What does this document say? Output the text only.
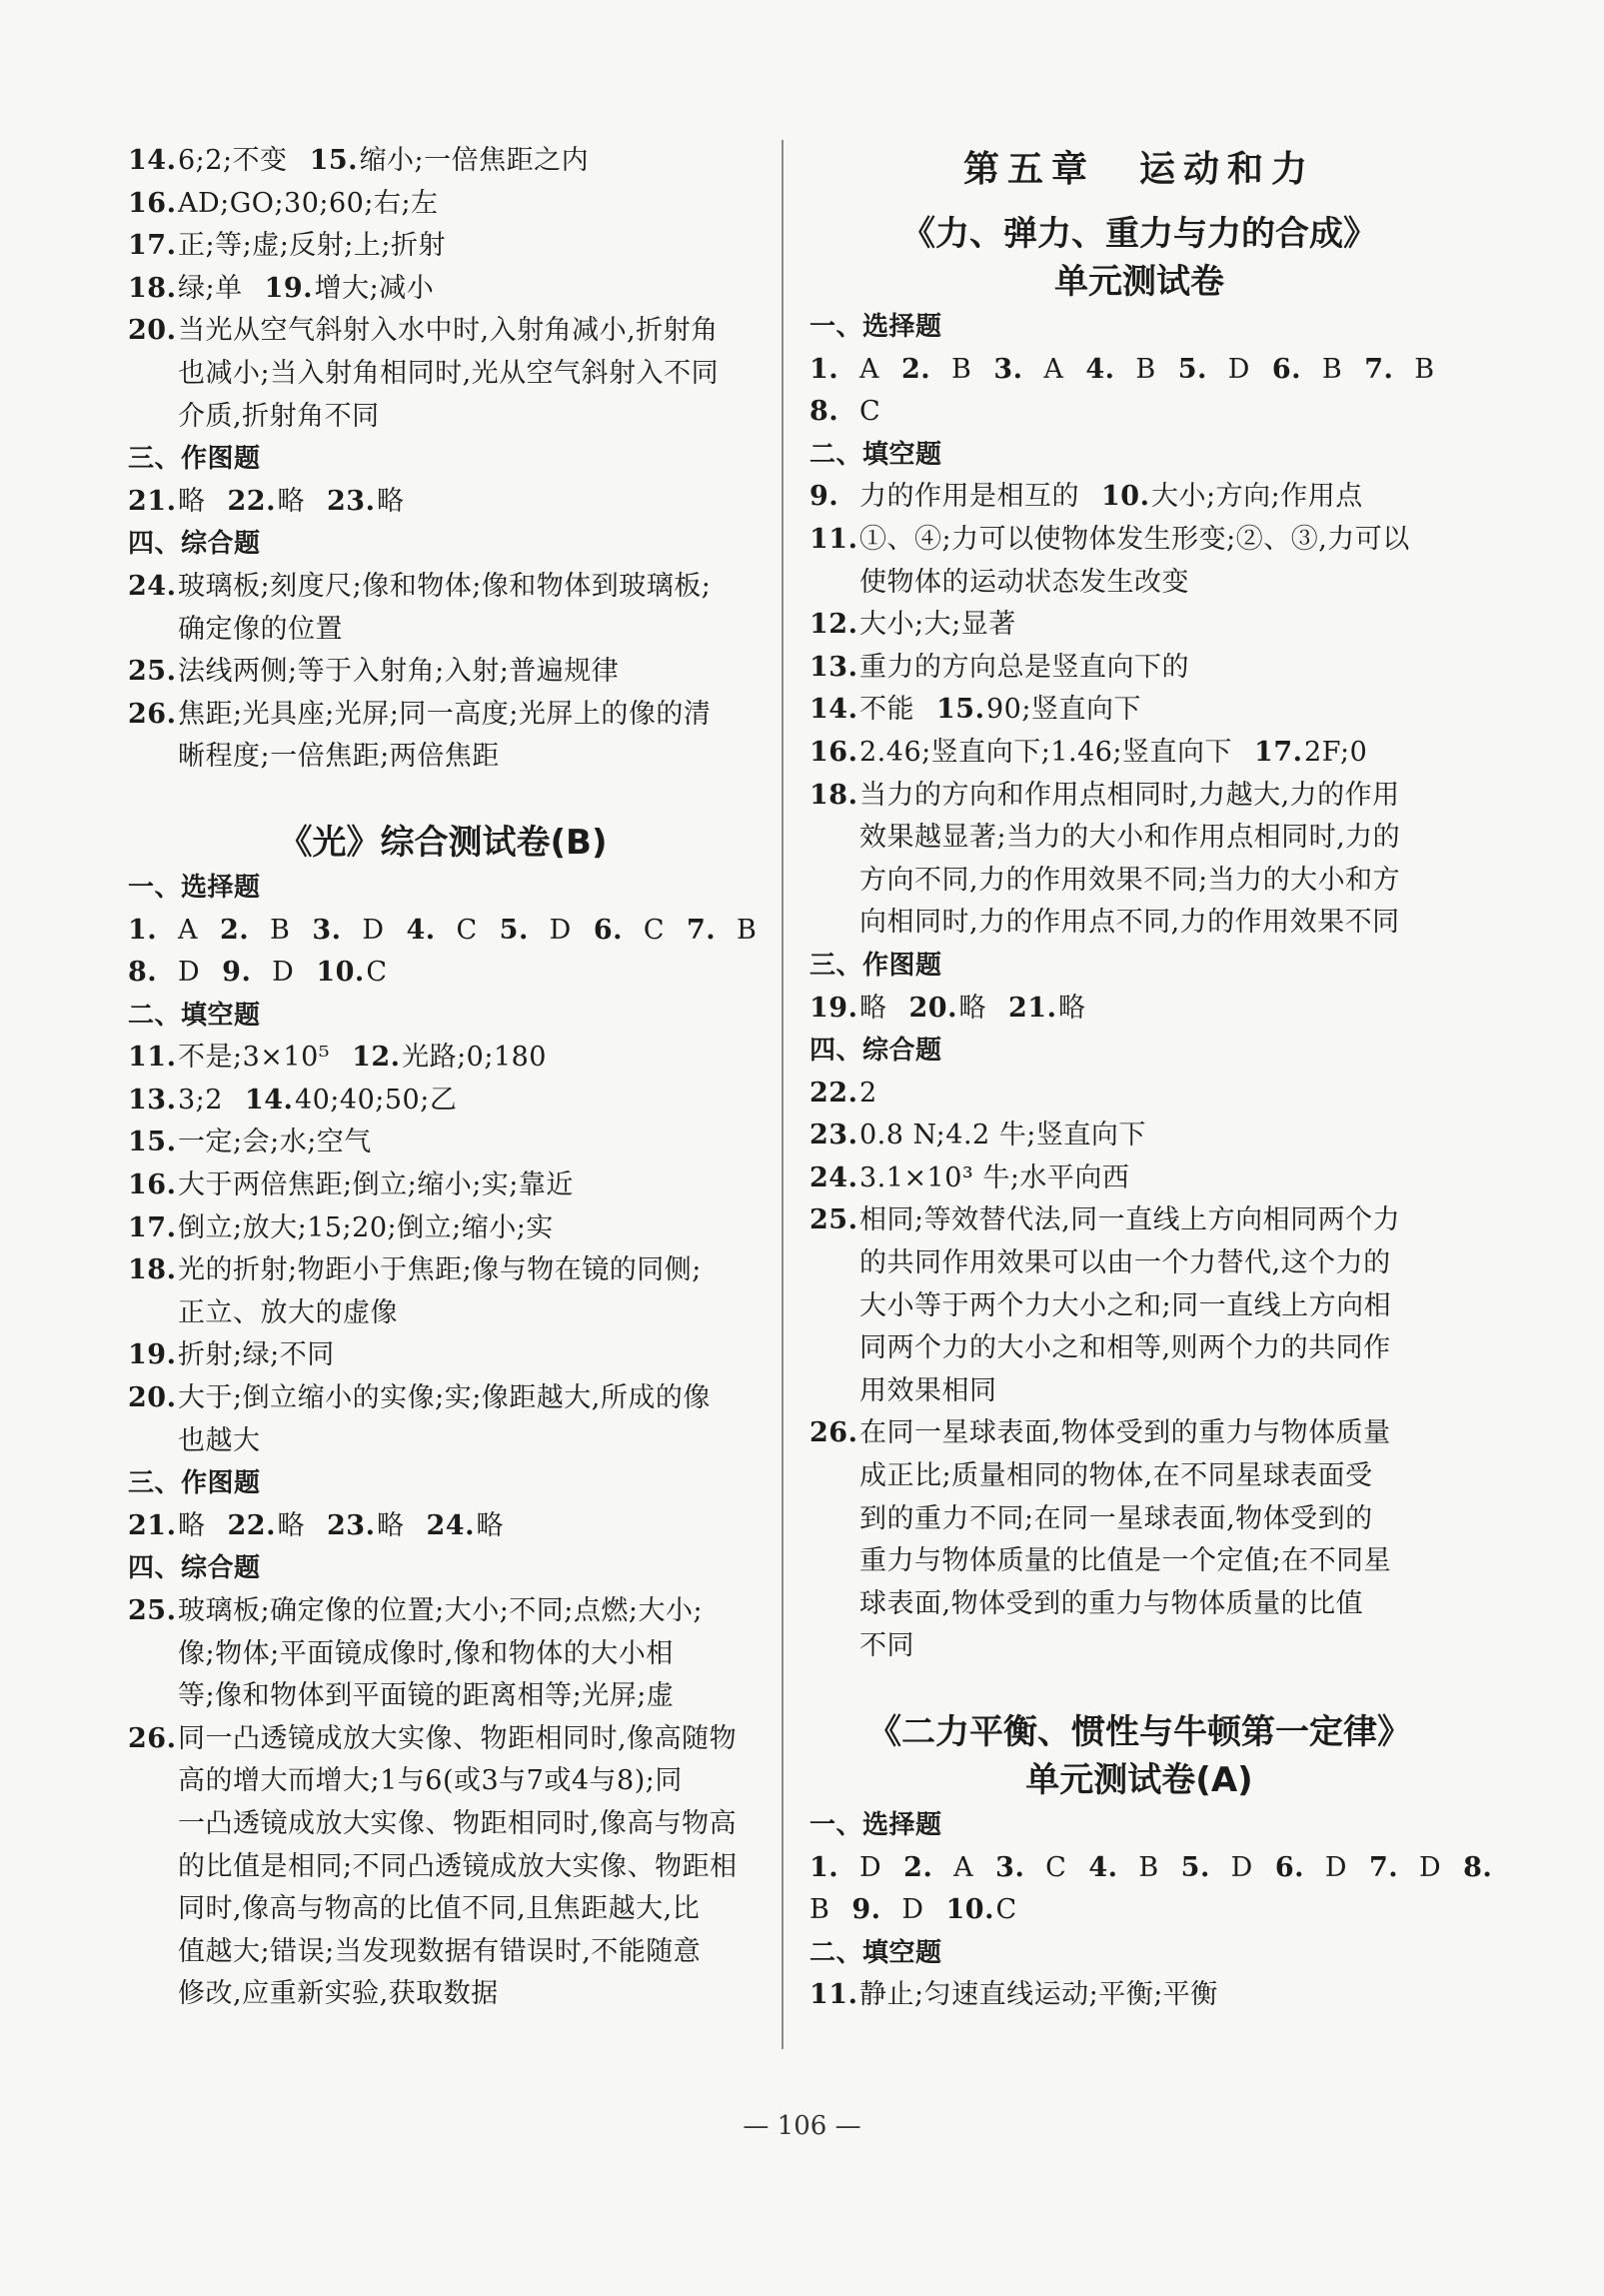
14.6;2;不变 15.缩小;一倍焦距之内
16.AD;GO;30;60;右;左
17.正;等;虚;反射;上;折射
18.绿;单 19.增大;减小
20.当光从空气斜射入水中时,入射角减小,折射角
也减小;当入射角相同时,光从空气斜射入不同
介质,折射角不同
三、作图题
21.略 22.略 23.略
四、综合题
24.玻璃板;刻度尺;像和物体;像和物体到玻璃板;
确定像的位置
25.法线两侧;等于入射角;入射;普遍规律
26.焦距;光具座;光屏;同一高度;光屏上的像的清
晰程度;一倍焦距;两倍焦距
《光》综合测试卷(B)
一、选择题
1. A 2. B 3. D 4. C 5. D 6. C 7. B
8. D 9. D 10.C
二、填空题
11.不是;3×10⁵ 12.光路;0;180
13.3;2 14.40;40;50;乙
15.一定;会;水;空气
16.大于两倍焦距;倒立;缩小;实;靠近
17.倒立;放大;15;20;倒立;缩小;实
18.光的折射;物距小于焦距;像与物在镜的同侧;
正立、放大的虚像
19.折射;绿;不同
20.大于;倒立缩小的实像;实;像距越大,所成的像
也越大
三、作图题
21.略 22.略 23.略 24.略
四、综合题
25.玻璃板;确定像的位置;大小;不同;点燃;大小;
像;物体;平面镜成像时,像和物体的大小相
等;像和物体到平面镜的距离相等;光屏;虚
26.同一凸透镜成放大实像、物距相同时,像高随物
高的增大而增大;1与6(或3与7或4与8);同
一凸透镜成放大实像、物距相同时,像高与物高
的比值是相同;不同凸透镜成放大实像、物距相
同时,像高与物高的比值不同,且焦距越大,比
值越大;错误;当发现数据有错误时,不能随意
修改,应重新实验,获取数据
第五章　运动和力
《力、弹力、重力与力的合成》
单元测试卷
一、选择题
1. A 2. B 3. A 4. B 5. D 6. B 7. B
8. C
二、填空题
9. 力的作用是相互的 10.大小;方向;作用点
11.①、④;力可以使物体发生形变;②、③,力可以
使物体的运动状态发生改变
12.大小;大;显著
13.重力的方向总是竖直向下的
14.不能 15.90;竖直向下
16.2.46;竖直向下;1.46;竖直向下 17.2F;0
18.当力的方向和作用点相同时,力越大,力的作用
效果越显著;当力的大小和作用点相同时,力的
方向不同,力的作用效果不同;当力的大小和方
向相同时,力的作用点不同,力的作用效果不同
三、作图题
19.略 20.略 21.略
四、综合题
22.2
23.0.8 N;4.2 牛;竖直向下
24.3.1×10³ 牛;水平向西
25.相同;等效替代法,同一直线上方向相同两个力
的共同作用效果可以由一个力替代,这个力的
大小等于两个力大小之和;同一直线上方向相
同两个力的大小之和相等,则两个力的共同作
用效果相同
26.在同一星球表面,物体受到的重力与物体质量
成正比;质量相同的物体,在不同星球表面受
到的重力不同;在同一星球表面,物体受到的
重力与物体质量的比值是一个定值;在不同星
球表面,物体受到的重力与物体质量的比值
不同
《二力平衡、惯性与牛顿第一定律》
单元测试卷(A)
一、选择题
1. D 2. A 3. C 4. B 5. D 6. D 7. D 8.
B 9. D 10.C
二、填空题
11.静止;匀速直线运动;平衡;平衡
— 106 —
